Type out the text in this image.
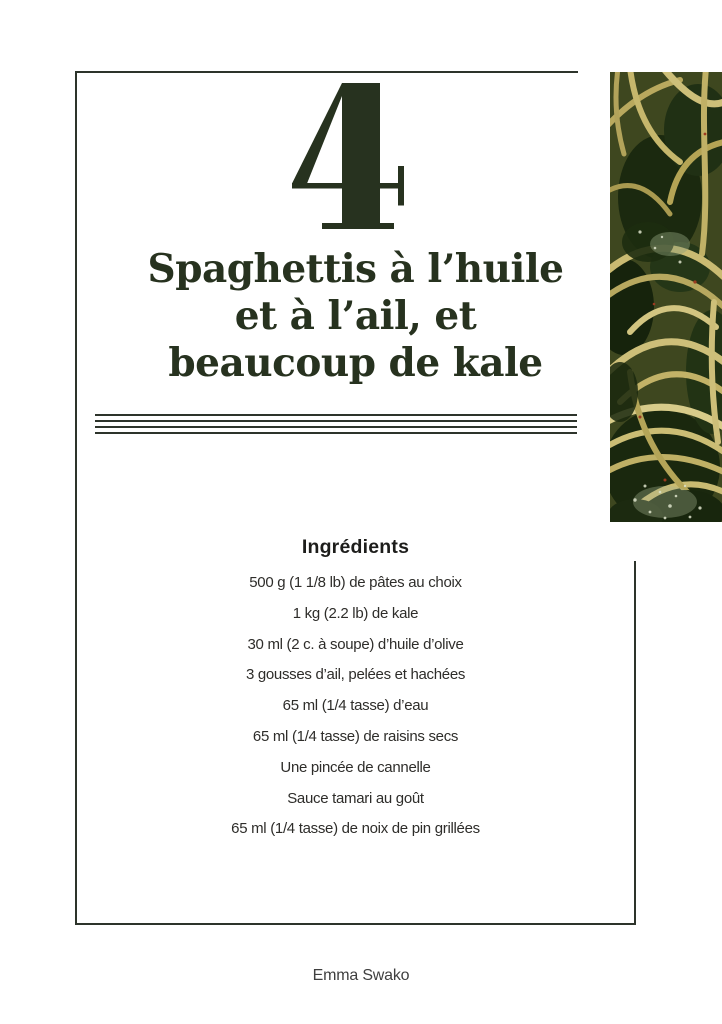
Spaghettis à l’huile
et à l’ail, et
beaucoup de kale
Ingrédients
500 g (1 1/8 lb) de pâtes au choix
1 kg (2.2 lb) de kale
30 ml (2 c. à soupe) d’huile d’olive
3 gousses d’ail, pelées et hachées
65 ml (1/4 tasse) d’eau
65 ml (1/4 tasse) de raisins secs
Une pincée de cannelle
Sauce tamari au goût
65 ml (1/4 tasse) de noix de pin grillées
Emma Swako
